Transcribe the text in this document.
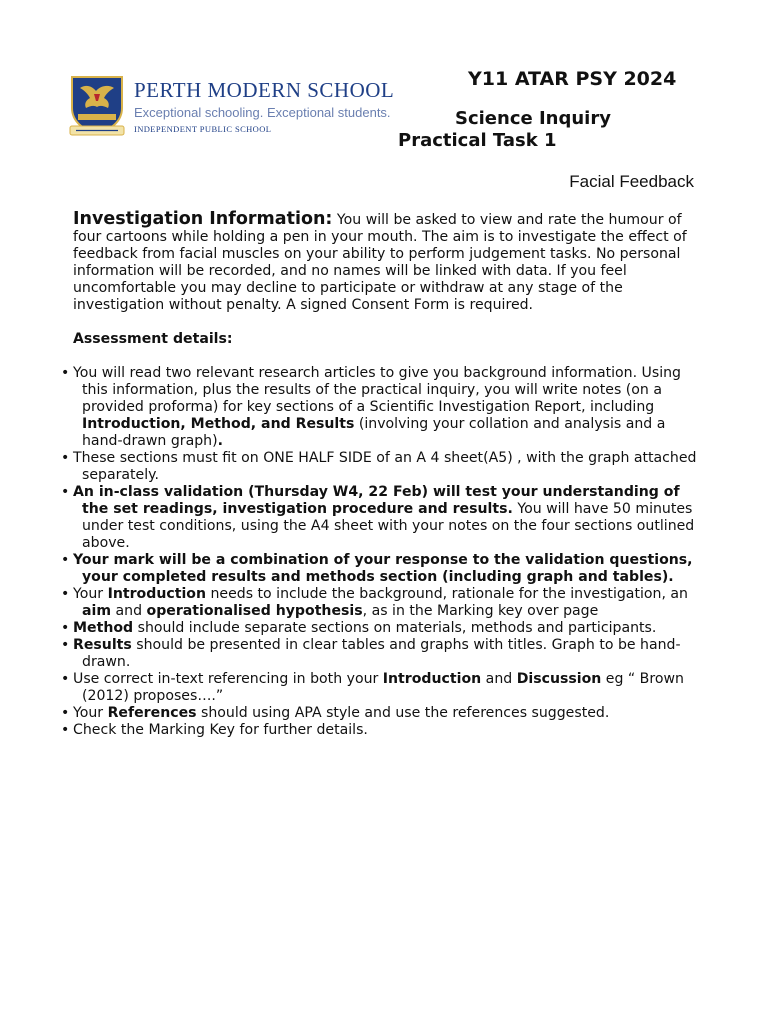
PERTH MODERN SCHOOL
Exceptional schooling. Exceptional students.
INDEPENDENT PUBLIC SCHOOL
Y11 ATAR PSY 2024
Science Inquiry
Practical Task 1
Facial Feedback
Investigation Information: You will be asked to view and rate the humour of four cartoons while holding a pen in your mouth. The aim is to investigate the effect of feedback from facial muscles on your ability to perform judgement tasks. No personal information will be recorded, and no names will be linked with data. If you feel uncomfortable you may decline to participate or withdraw at any stage of the investigation without penalty. A signed Consent Form is required.
Assessment details:
• You will read two relevant research articles to give you background information. Using this information, plus the results of the practical inquiry, you will write notes (on a provided proforma) for key sections of a Scientific Investigation Report, including Introduction, Method, and Results (involving your collation and analysis and a hand-drawn graph).
• These sections must fit on ONE HALF SIDE of an A 4 sheet(A5) , with the graph attached separately.
• An in-class validation (Thursday W4, 22 Feb) will test your understanding of the set readings, investigation procedure and results. You will have 50 minutes under test conditions, using the A4 sheet with your notes on the four sections outlined above.
• Your mark will be a combination of your response to the validation questions, your completed results and methods section (including graph and tables).
• Your Introduction needs to include the background, rationale for the investigation, an aim and operationalised hypothesis, as in the Marking key over page
• Method should include separate sections on materials, methods and participants.
• Results should be presented in clear tables and graphs with titles. Graph to be hand-drawn.
• Use correct in-text referencing in both your Introduction and Discussion eg “ Brown (2012) proposes….”
• Your References should using APA style and use the references suggested.
• Check the Marking Key for further details.
